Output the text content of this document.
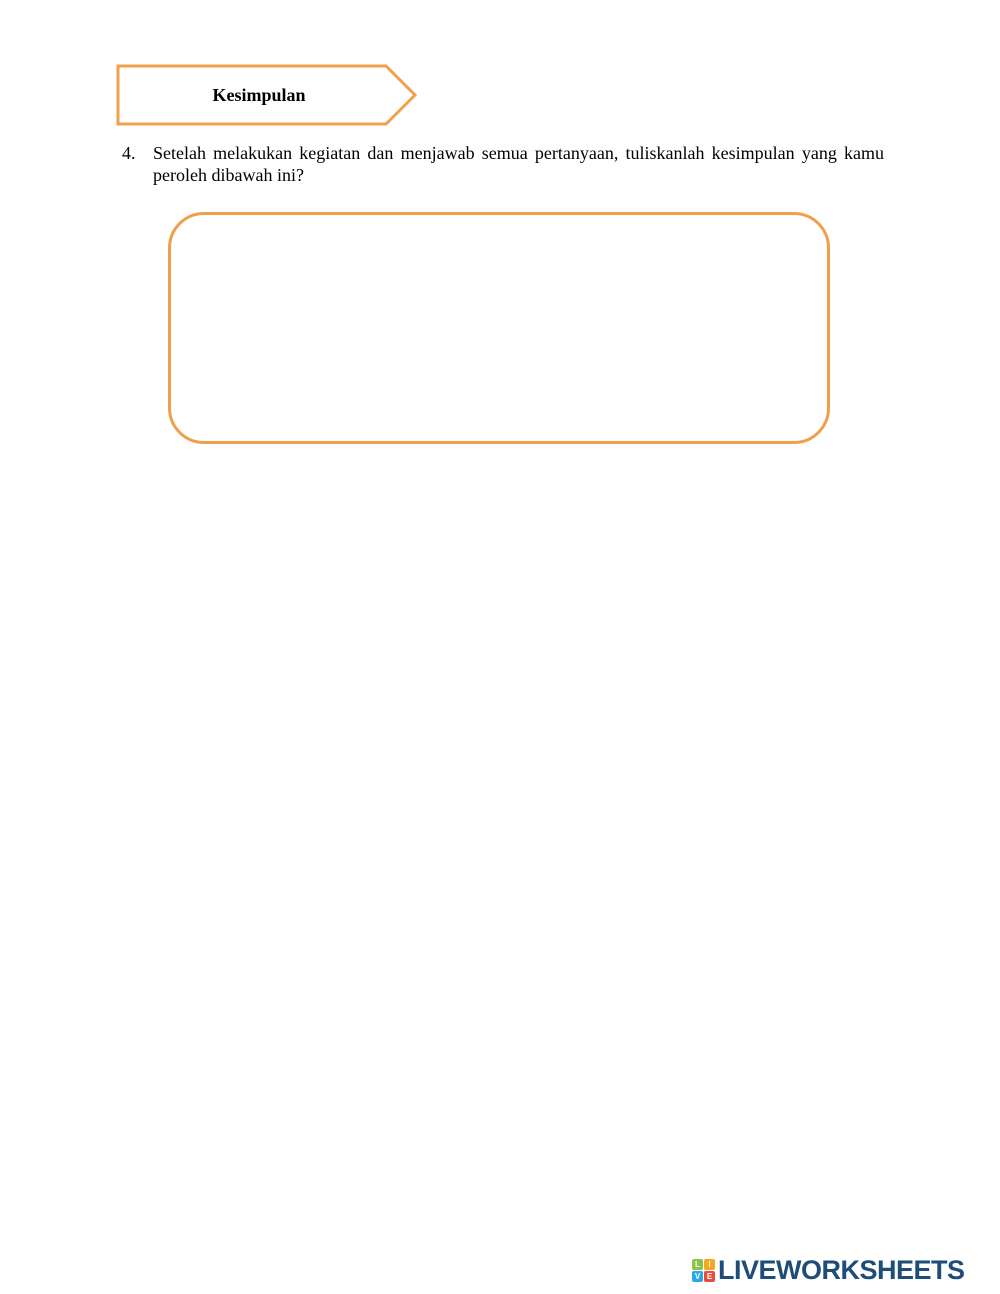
Kesimpulan
4. Setelah melakukan kegiatan dan menjawab semua pertanyaan, tuliskanlah kesimpulan yang kamu peroleh dibawah ini?
L	I
V E LIVEWORKSHEETS
